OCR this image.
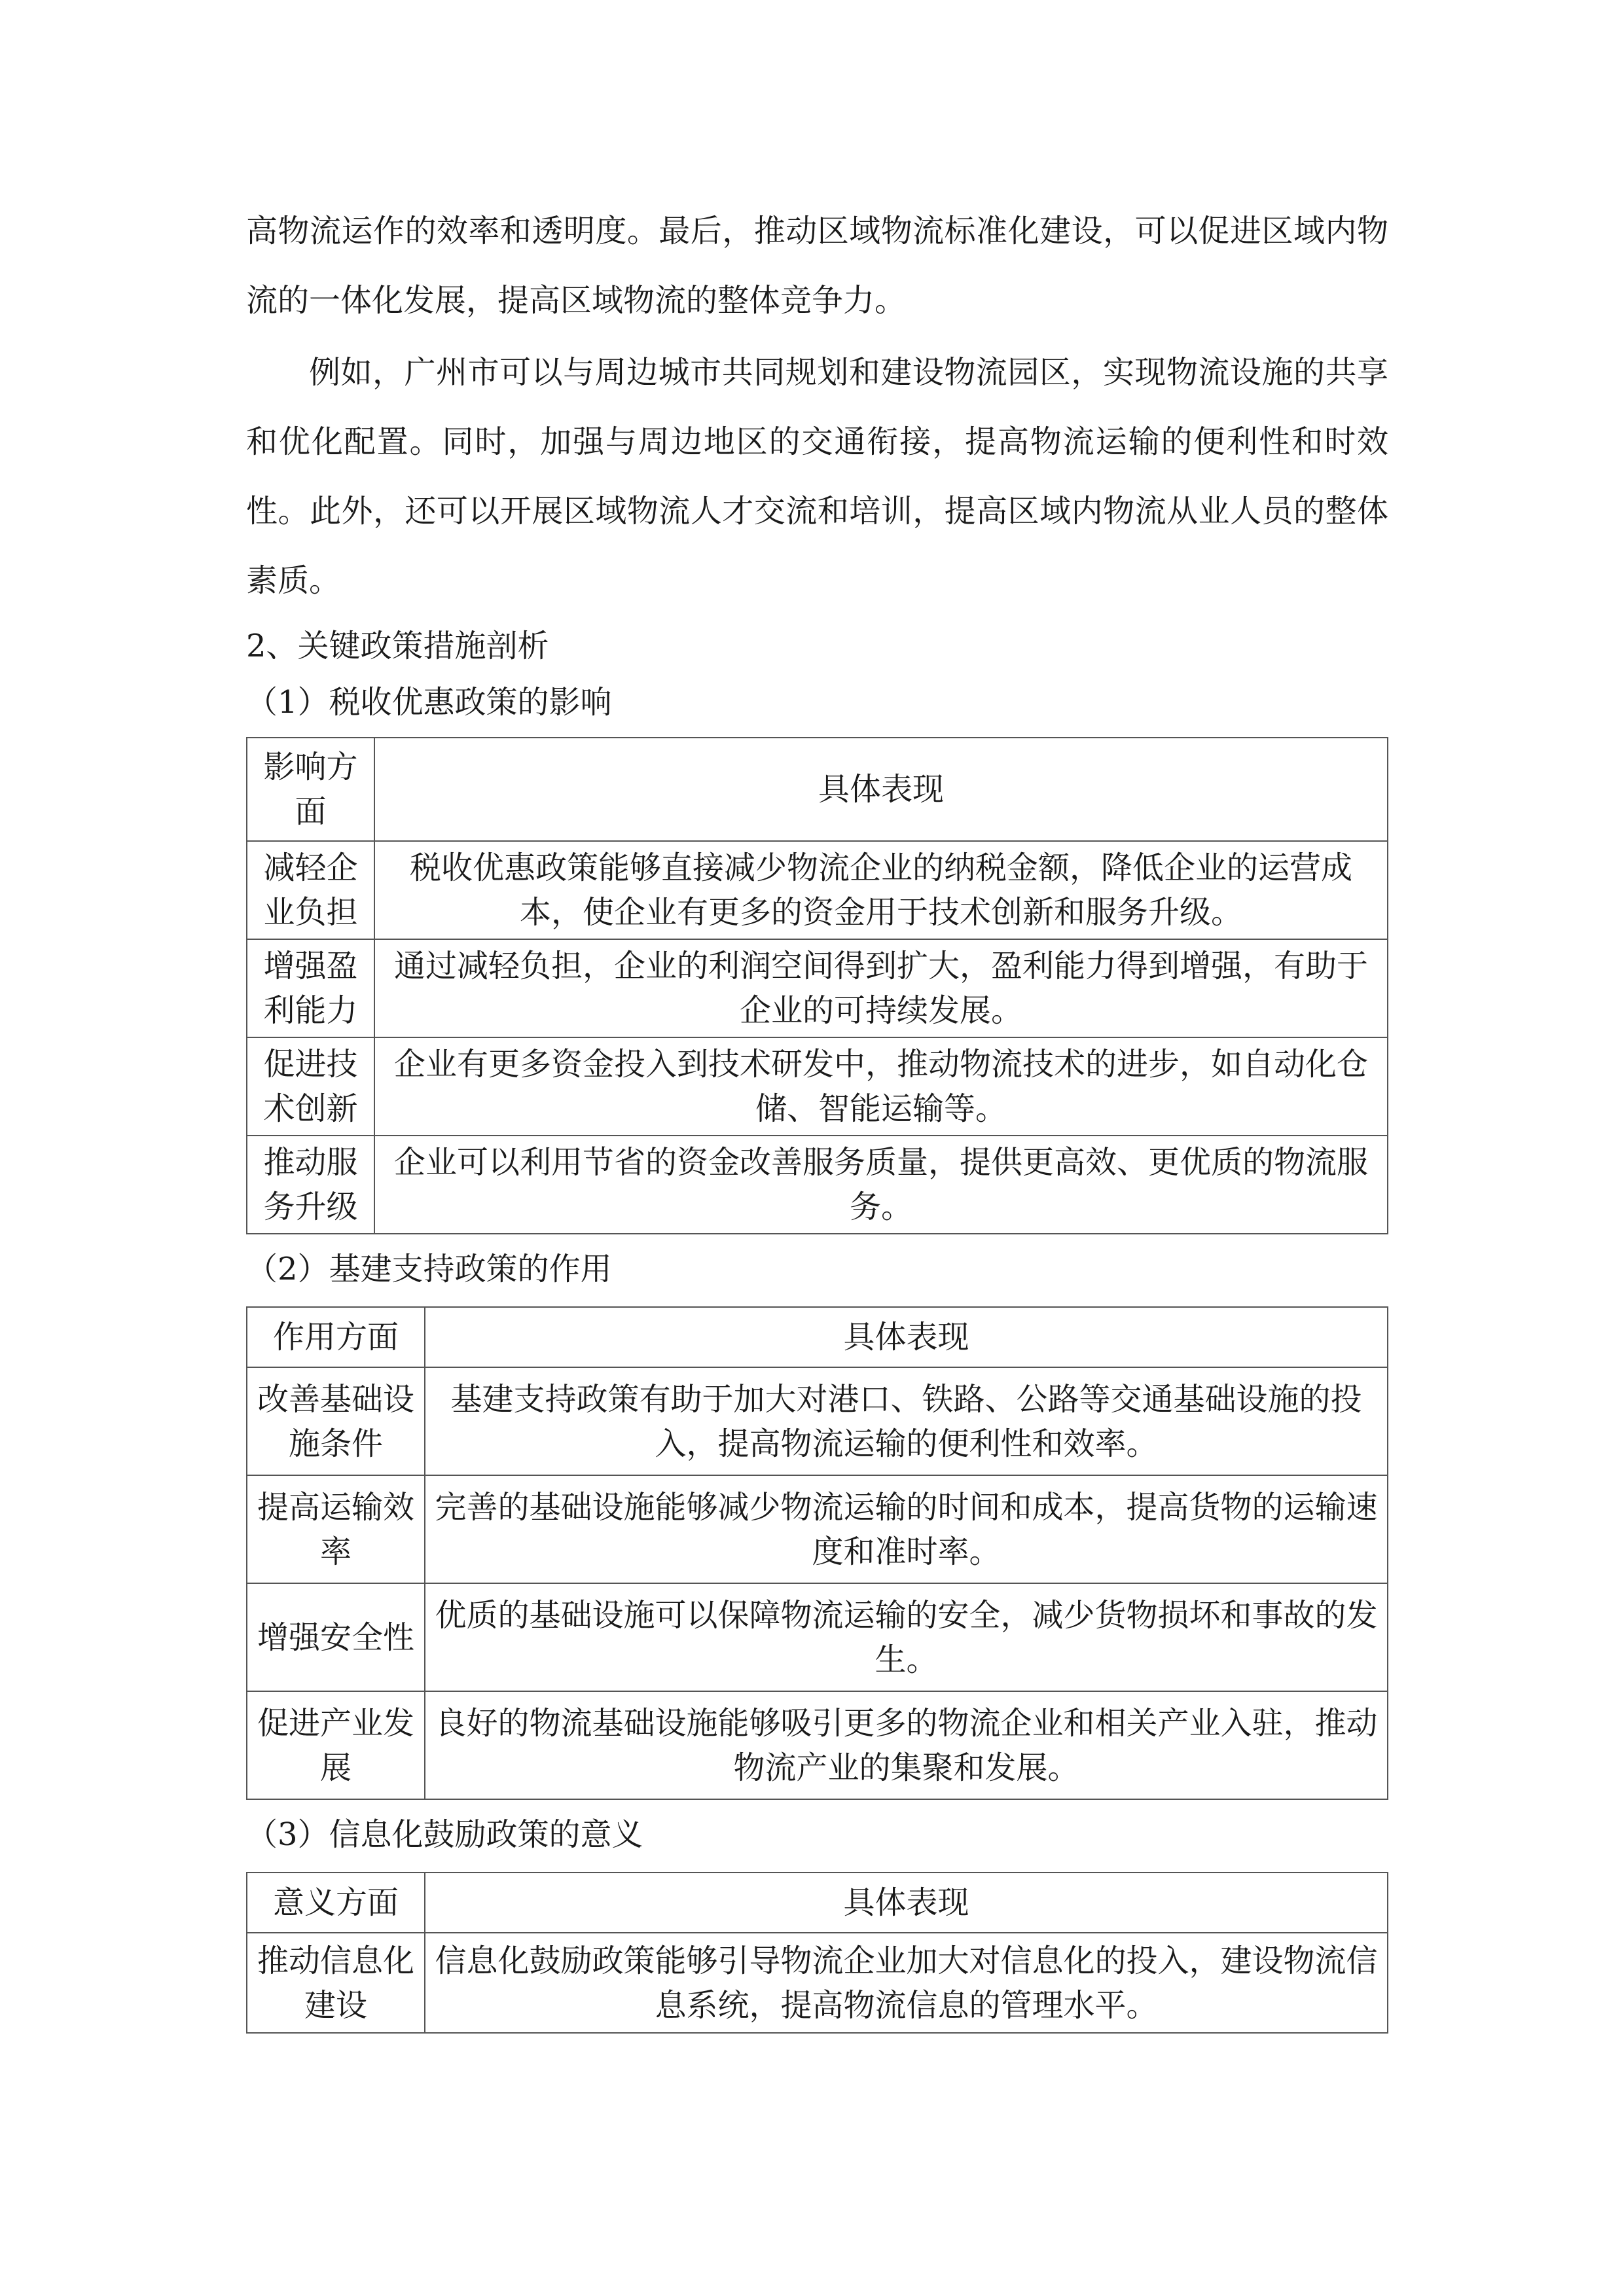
高物流运作的效率和透明度。最后，推动区域物流标准化建设，可以促进区域内物流的一体化发展，提高区域物流的整体竞争力。

例如，广州市可以与周边城市共同规划和建设物流园区，实现物流设施的共享和优化配置。同时，加强与周边地区的交通衔接，提高物流运输的便利性和时效性。此外，还可以开展区域物流人才交流和培训，提高区域内物流从业人员的整体素质。

2、关键政策措施剖析

（1）税收优惠政策的影响

影响方面	具体表现
减轻企业负担	税收优惠政策能够直接减少物流企业的纳税金额，降低企业的运营成本，使企业有更多的资金用于技术创新和服务升级。
增强盈利能力	通过减轻负担，企业的利润空间得到扩大，盈利能力得到增强，有助于企业的可持续发展。
促进技术创新	企业有更多资金投入到技术研发中，推动物流技术的进步，如自动化仓储、智能运输等。
推动服务升级	企业可以利用节省的资金改善服务质量，提供更高效、更优质的物流服务。

（2）基建支持政策的作用

作用方面	具体表现
改善基础设施条件	基建支持政策有助于加大对港口、铁路、公路等交通基础设施的投入，提高物流运输的便利性和效率。
提高运输效率	完善的基础设施能够减少物流运输的时间和成本，提高货物的运输速度和准时率。
增强安全性	优质的基础设施可以保障物流运输的安全，减少货物损坏和事故的发生。
促进产业发展	良好的物流基础设施能够吸引更多的物流企业和相关产业入驻，推动物流产业的集聚和发展。

（3）信息化鼓励政策的意义

意义方面	具体表现
推动信息化建设	信息化鼓励政策能够引导物流企业加大对信息化的投入，建设物流信息系统，提高物流信息的管理水平。
